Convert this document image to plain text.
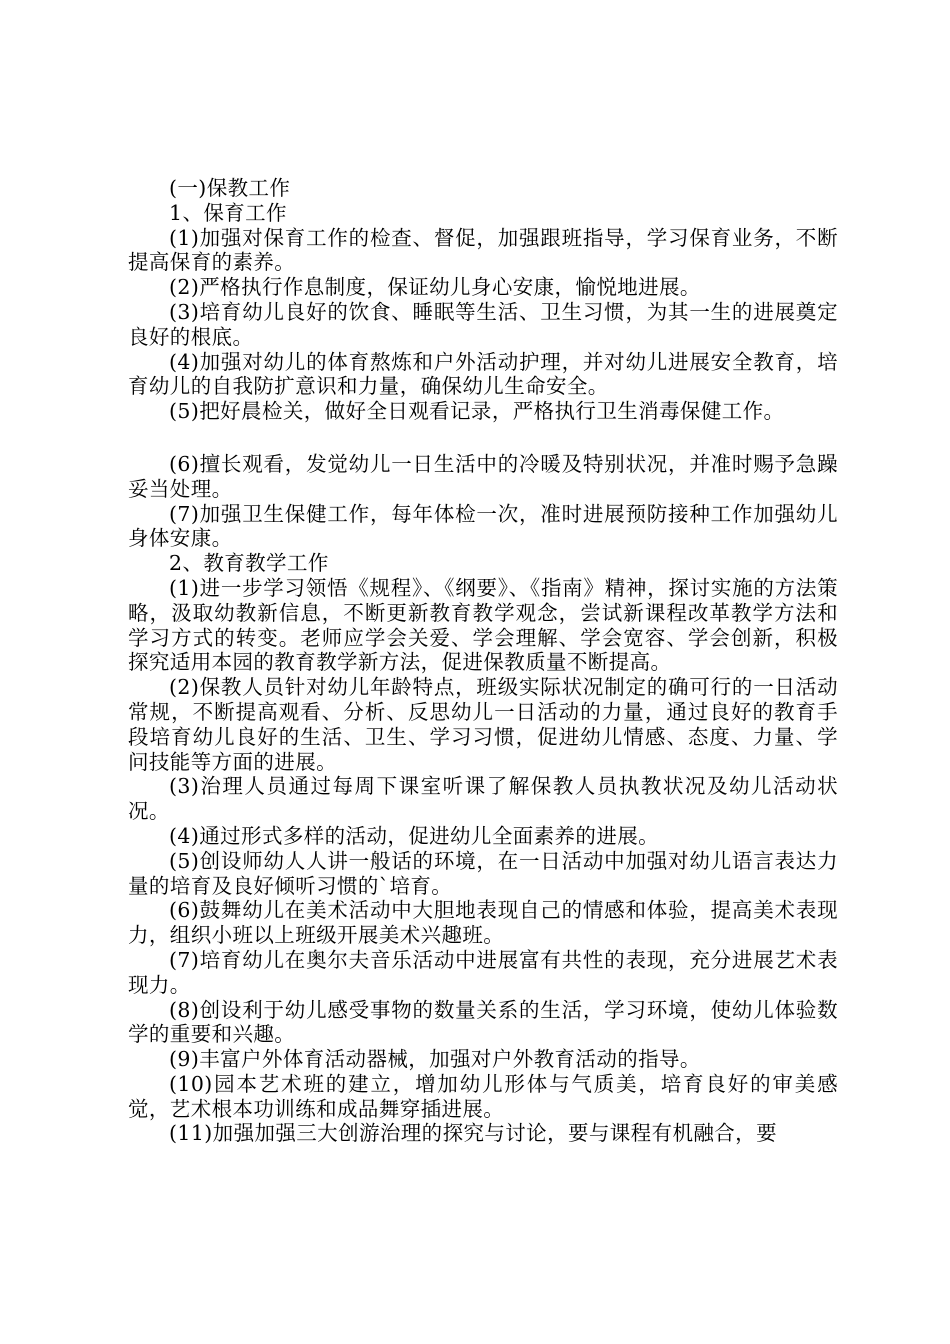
(一)保教工作

1、保育工作

(1)加强对保育工作的检查、督促，加强跟班指导，学习保育业务，不断提高保育的素养。

(2)严格执行作息制度，保证幼儿身心安康，愉悦地进展。

(3)培育幼儿良好的饮食、睡眠等生活、卫生习惯，为其一生的进展奠定良好的根底。

(4)加强对幼儿的体育熬炼和户外活动护理，并对幼儿进展安全教育，培育幼儿的自我防扩意识和力量，确保幼儿生命安全。

(5)把好晨检关，做好全日观看记录，严格执行卫生消毒保健工作。

(6)擅长观看，发觉幼儿一日生活中的冷暖及特别状况，并准时赐予急躁妥当处理。

(7)加强卫生保健工作，每年体检一次，准时进展预防接种工作加强幼儿身体安康。

2、教育教学工作

(1)进一步学习领悟《规程》、《纲要》、《指南》精神，探讨实施的方法策略，汲取幼教新信息，不断更新教育教学观念，尝试新课程改革教学方法和学习方式的转变。老师应学会关爱、学会理解、学会宽容、学会创新，积极探究适用本园的教育教学新方法，促进保教质量不断提高。

(2)保教人员针对幼儿年龄特点，班级实际状况制定的确可行的一日活动常规，不断提高观看、分析、反思幼儿一日活动的力量，通过良好的教育手段培育幼儿良好的生活、卫生、学习习惯，促进幼儿情感、态度、力量、学问技能等方面的进展。

(3)治理人员通过每周下课室听课了解保教人员执教状况及幼儿活动状况。

(4)通过形式多样的活动，促进幼儿全面素养的进展。

(5)创设师幼人人讲一般话的环境，在一日活动中加强对幼儿语言表达力量的培育及良好倾听习惯的`培育。

(6)鼓舞幼儿在美术活动中大胆地表现自己的情感和体验，提高美术表现力，组织小班以上班级开展美术兴趣班。

(7)培育幼儿在奥尔夫音乐活动中进展富有共性的表现，充分进展艺术表现力。

(8)创设利于幼儿感受事物的数量关系的生活，学习环境，使幼儿体验数学的重要和兴趣。

(9)丰富户外体育活动器械，加强对户外教育活动的指导。

(10)园本艺术班的建立，增加幼儿形体与气质美，培育良好的审美感觉，艺术根本功训练和成品舞穿插进展。

(11)加强加强三大创游治理的探究与讨论，要与课程有机融合，要
